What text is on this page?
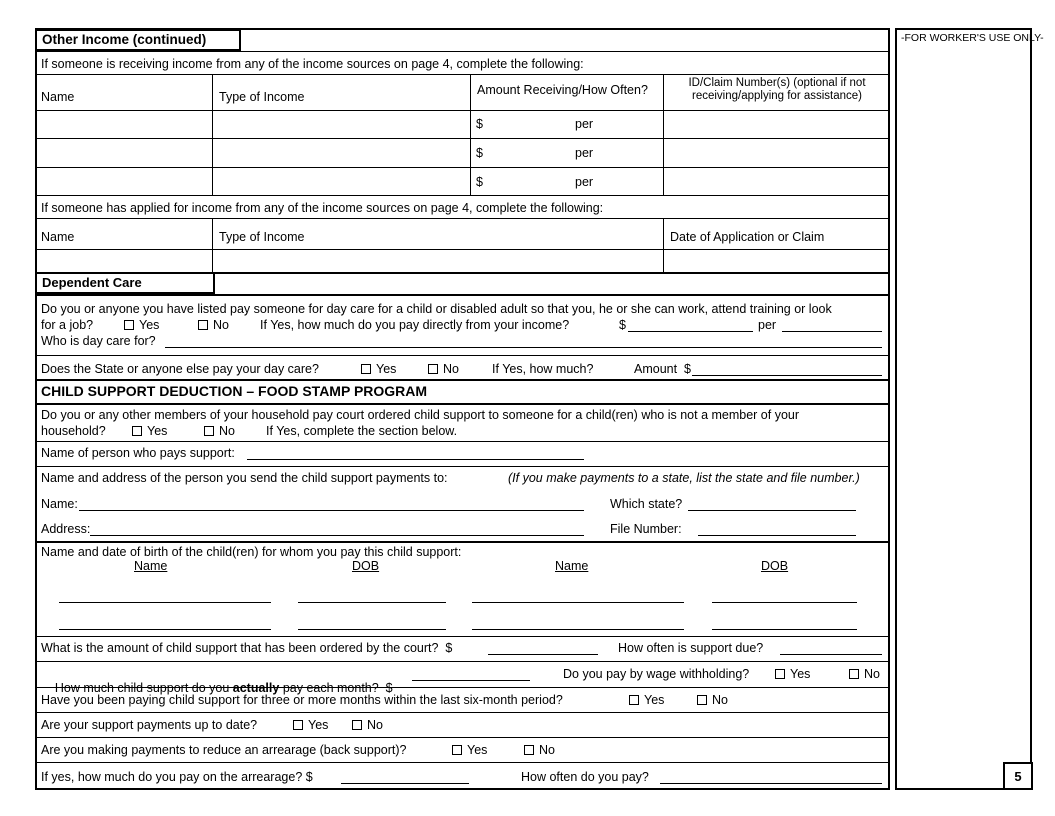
-FOR WORKER'S USE ONLY-
5
Other Income (continued)
If someone is receiving income from any of the income sources on page 4, complete the following:
Name	Type of Income	Amount Receiving/How Often?	ID/Claim Number(s) (optional if not
receiving/applying for assistance)
$	per
$	per
$	per
If someone has applied for income from any of the income sources on page 4, complete the following:
Name	Type of Income	Date of Application or Claim
Dependent Care
Do you or anyone you have listed pay someone for day care for a child or disabled adult so that you, he or she can work, attend training or look
for a job?	Yes	No If Yes, how much do you pay directly from your income?	$	per
Who is day care for?
Does the State or anyone else pay your day care?	Yes	No	If Yes, how much?	Amount  $
CHILD SUPPORT DEDUCTION – FOOD STAMP PROGRAM
Do you or any other members of your household pay court ordered child support to someone for a child(ren) who is not a member of your
household?	Yes	No If Yes, complete the section below.
Name of person who pays support:
Name and address of the person you send the child support payments to:	(If you make payments to a state, list the state and file number.)
Name:	Which state?
Address:	File Number:
Name and date of birth of the child(ren) for whom you pay this child support:
Name	DOB	Name	DOB
What is the amount of child support that has been ordered by the court?  $	How often is support due?

How much child support do you actually pay each month?  $

Do you pay by wage withholding?	Yes	No
Have you been paying child support for three or more months within the last six-month period?	Yes	No
Are your support payments up to date?	Yes	No
Are you making payments to reduce an arrearage (back support)?	Yes	No
If yes, how much do you pay on the arrearage? $	How often do you pay?
